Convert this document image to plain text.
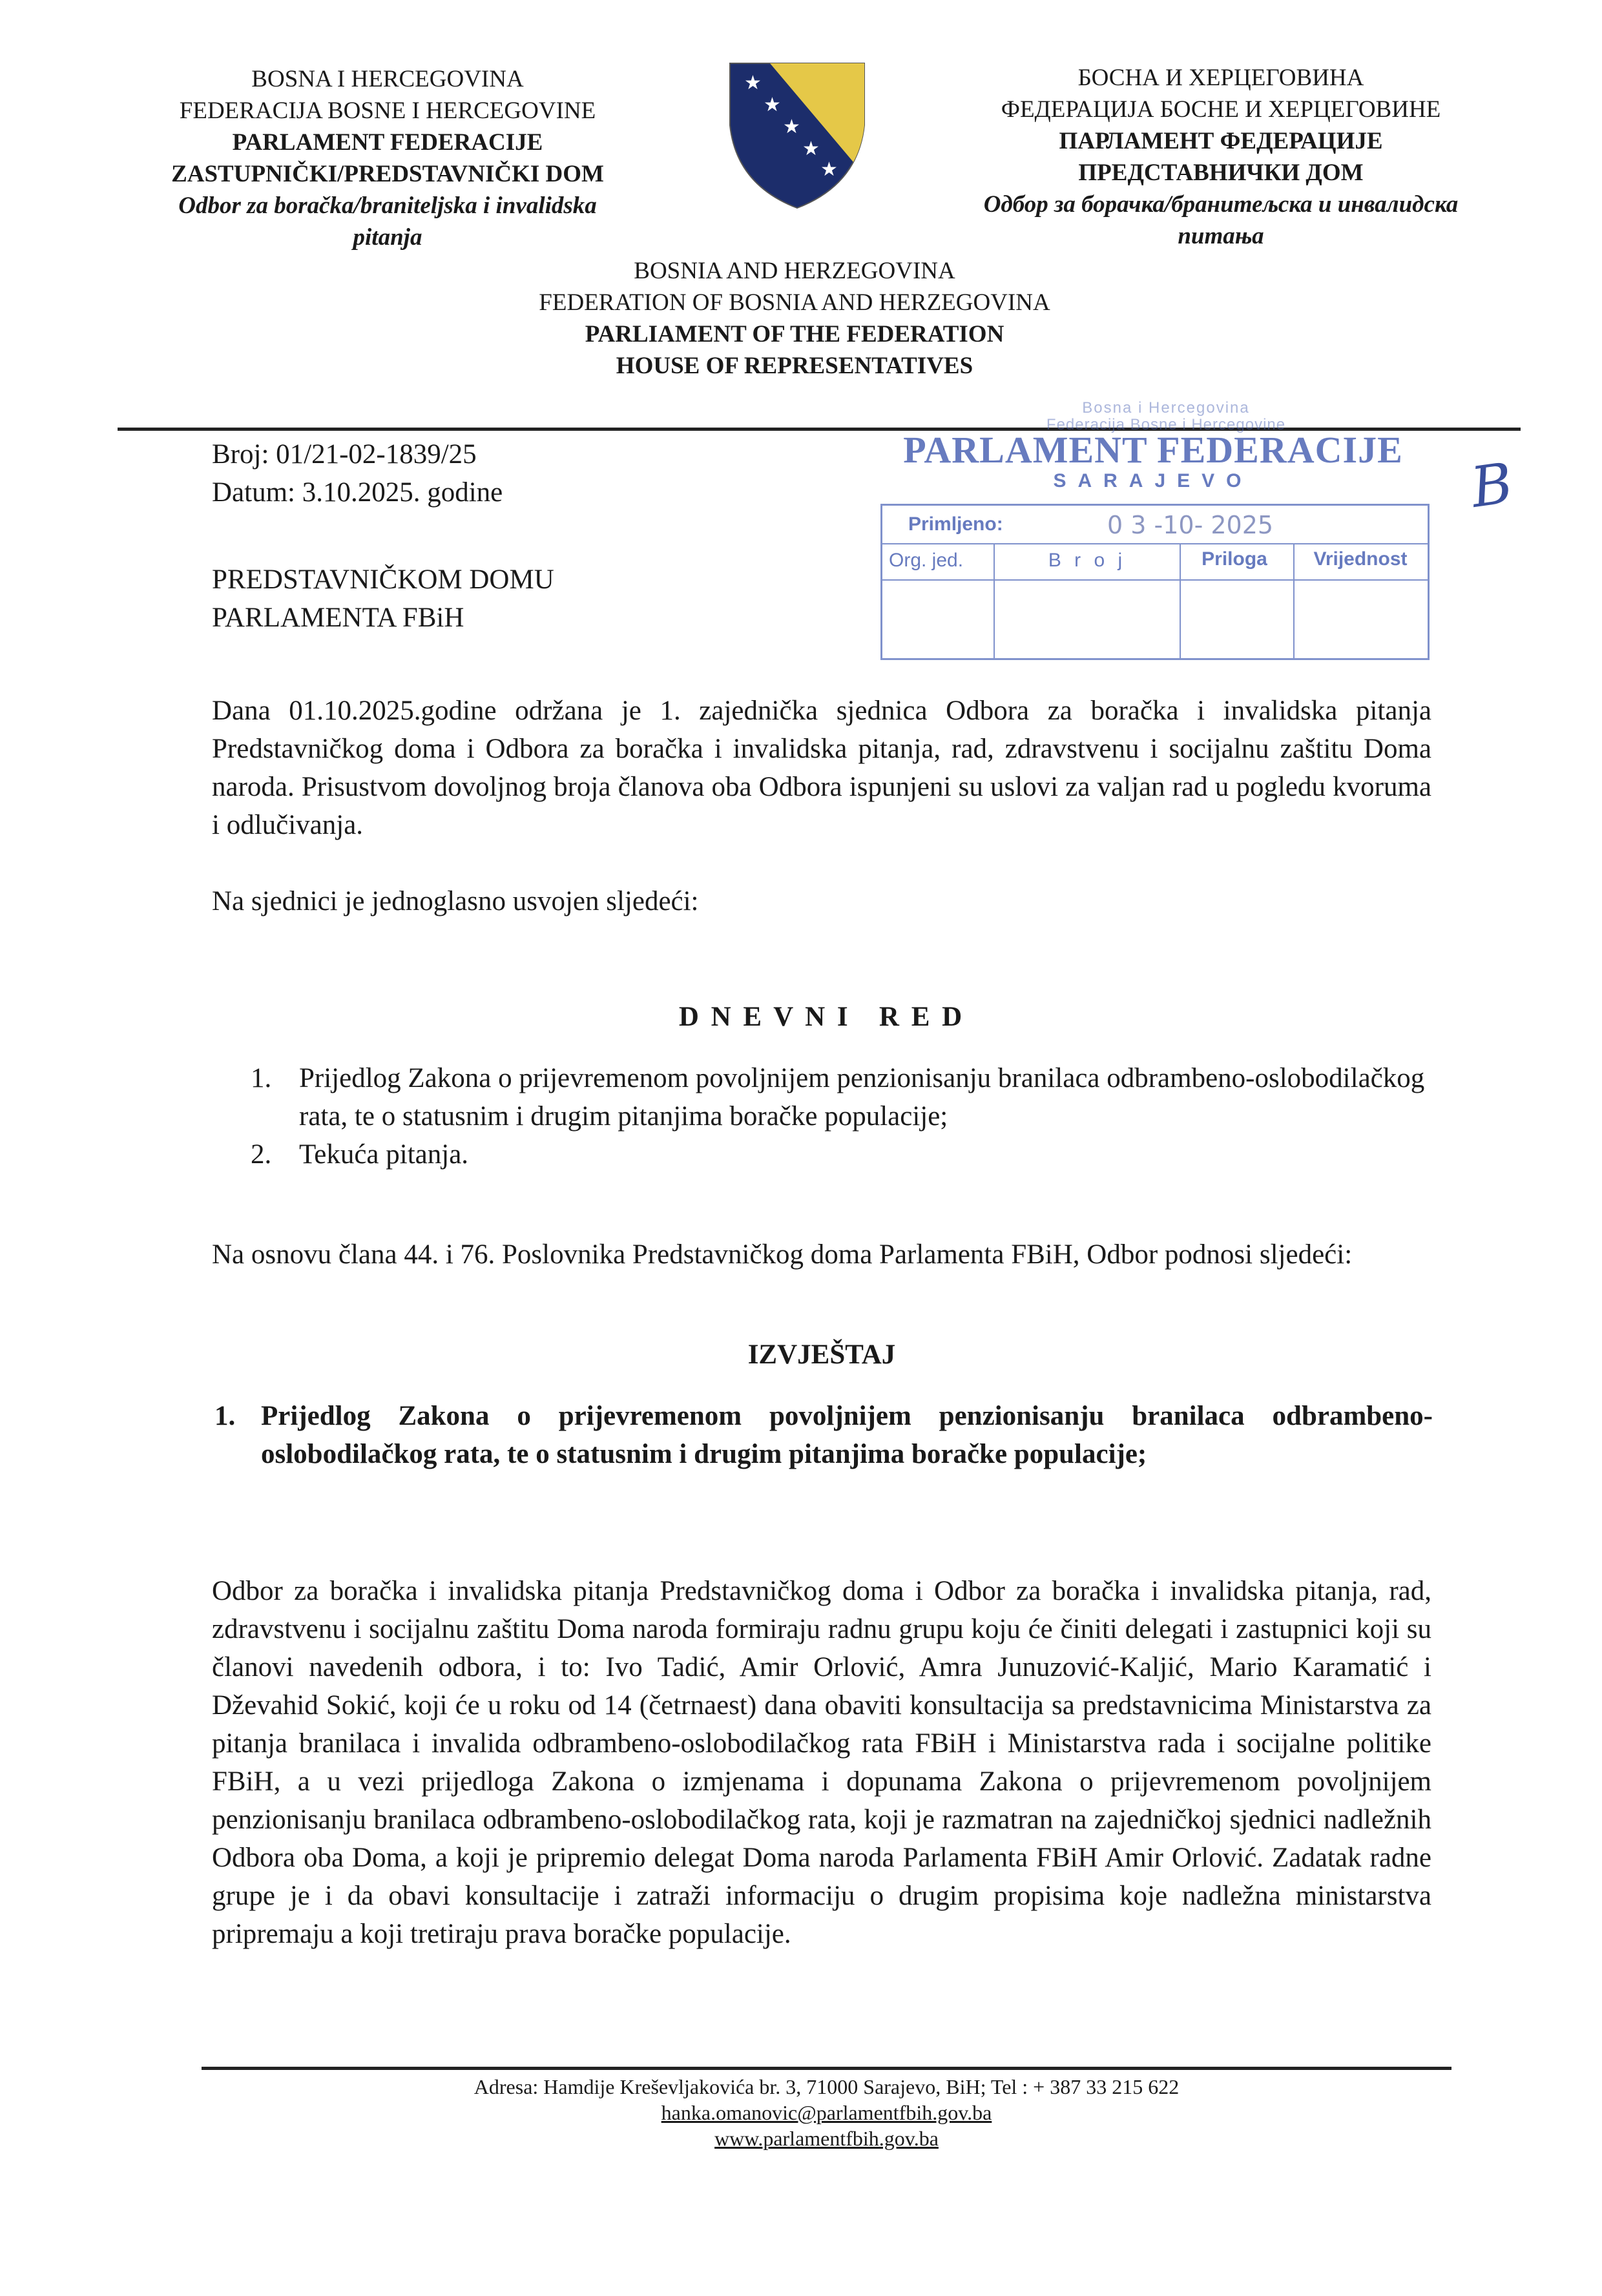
BOSNA I HERCEGOVINA
FEDERACIJA BOSNE I HERCEGOVINE
PARLAMENT FEDERACIJE
ZASTUPNIČKI/PREDSTAVNIČKI DOM
Odbor za boračka/braniteljska i invalidska
pitanja
★
★
★
★
★
БОСНА И ХЕРЦЕГОВИНА
ФЕДЕРАЦИЈА БОСНЕ И ХЕРЦЕГОВИНЕ
ПАРЛАМЕНТ ФЕДЕРАЦИЈЕ
ПРЕДСТАВНИЧКИ ДОМ
Одбор за борачка/бранитељска и инвалидска
питања
BOSNIA AND HERZEGOVINA
FEDERATION OF BOSNIA AND HERZEGOVINA
PARLIAMENT OF THE FEDERATION
HOUSE OF REPRESENTATIVES
Broj: 01/21-02-1839/25
Datum: 3.10.2025. godine
Bosna i Hercegovina
Federacija Bosne i Hercegovine
PARLAMENT FEDERACIJE
SARAJEVO
Primljeno:	0 3 -10- 2025
Org. jed.	B r o j	Priloga	Vrijednost
B
PREDSTAVNIČKOM DOMU
PARLAMENTA FBiH
Dana 01.10.2025.godine održana je 1. zajednička sjednica Odbora za boračka i invalidska pitanja Predstavničkog doma i Odbora za boračka i invalidska pitanja, rad, zdravstvenu i socijalnu zaštitu Doma naroda. Prisustvom dovoljnog broja članova oba Odbora ispunjeni su uslovi za valjan rad u pogledu kvoruma i odlučivanja.
Na sjednici je jednoglasno usvojen sljedeći:
D N E V N I   R E D
1. Prijedlog Zakona o prijevremenom povoljnijem penzionisanju branilaca odbrambeno-oslobodilačkog rata, te o statusnim i drugim pitanjima boračke populacije;
2. Tekuća pitanja.
Na osnovu člana 44. i 76. Poslovnika Predstavničkog doma Parlamenta FBiH, Odbor podnosi sljedeći:
IZVJEŠTAJ
1. Prijedlog Zakona o prijevremenom povoljnijem penzionisanju branilaca odbrambeno-oslobodilačkog rata, te o statusnim i drugim pitanjima boračke populacije;
Odbor za boračka i invalidska pitanja Predstavničkog doma i Odbor za boračka i invalidska pitanja, rad, zdravstvenu i socijalnu zaštitu Doma naroda formiraju radnu grupu koju će činiti delegati i zastupnici koji su članovi navedenih odbora, i to: Ivo Tadić, Amir Orlović, Amra Junuzović-Kaljić, Mario Karamatić i Dževahid Sokić, koji će u roku od 14 (četrnaest) dana obaviti konsultacija sa predstavnicima Ministarstva za pitanja branilaca i invalida odbrambeno-oslobodilačkog rata FBiH i Ministarstva rada i socijalne politike FBiH, a u vezi prijedloga Zakona o izmjenama i dopunama Zakona o prijevremenom povoljnijem penzionisanju branilaca odbrambeno-oslobodilačkog rata, koji je razmatran na zajedničkoj sjednici nadležnih Odbora oba Doma, a koji je pripremio delegat Doma naroda Parlamenta FBiH Amir Orlović. Zadatak radne grupe je i da obavi konsultacije i zatraži informaciju o drugim propisima koje nadležna ministarstva pripremaju a koji tretiraju prava boračke populacije.
Adresa: Hamdije Kreševljakovića br. 3, 71000 Sarajevo, BiH; Tel : + 387 33 215 622
hanka.omanovic@parlamentfbih.gov.ba
www.parlamentfbih.gov.ba
